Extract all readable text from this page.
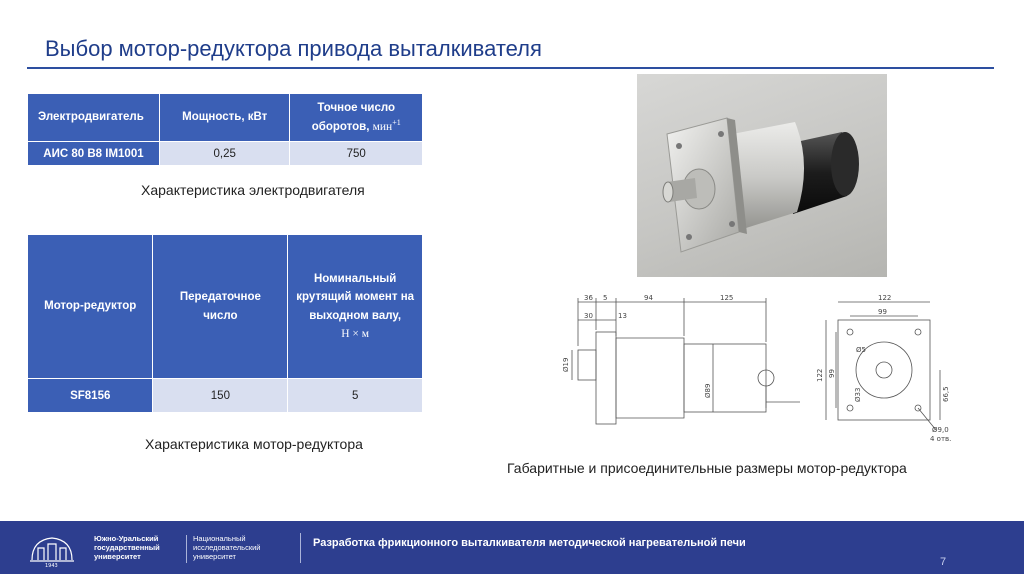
Выбор мотор-редуктора привода выталкивателя
Электродвигатель	Мощность, кВт	Точное число оборотов, мин$^{+1}$
АИС 80 B8 IM1001	0,25	750
Характеристика электродвигателя
Мотор-редуктор	Передаточное число	Номинальный крутящий момент на выходном валу,
Н × м
SF8156	150	5
Характеристика мотор-редуктора
36 5	94	125
30	13
Ø19
Ø89
122
99
122 99
66,5
Ø5
Ø33
Ø9,0
4 отв.
Габаритные и присоединительные размеры мотор-редуктора
1943
Южно-Уральский
государственный
университет
Национальный
исследовательский
университет
Разработка фрикционного выталкивателя методической нагревательной печи
7
